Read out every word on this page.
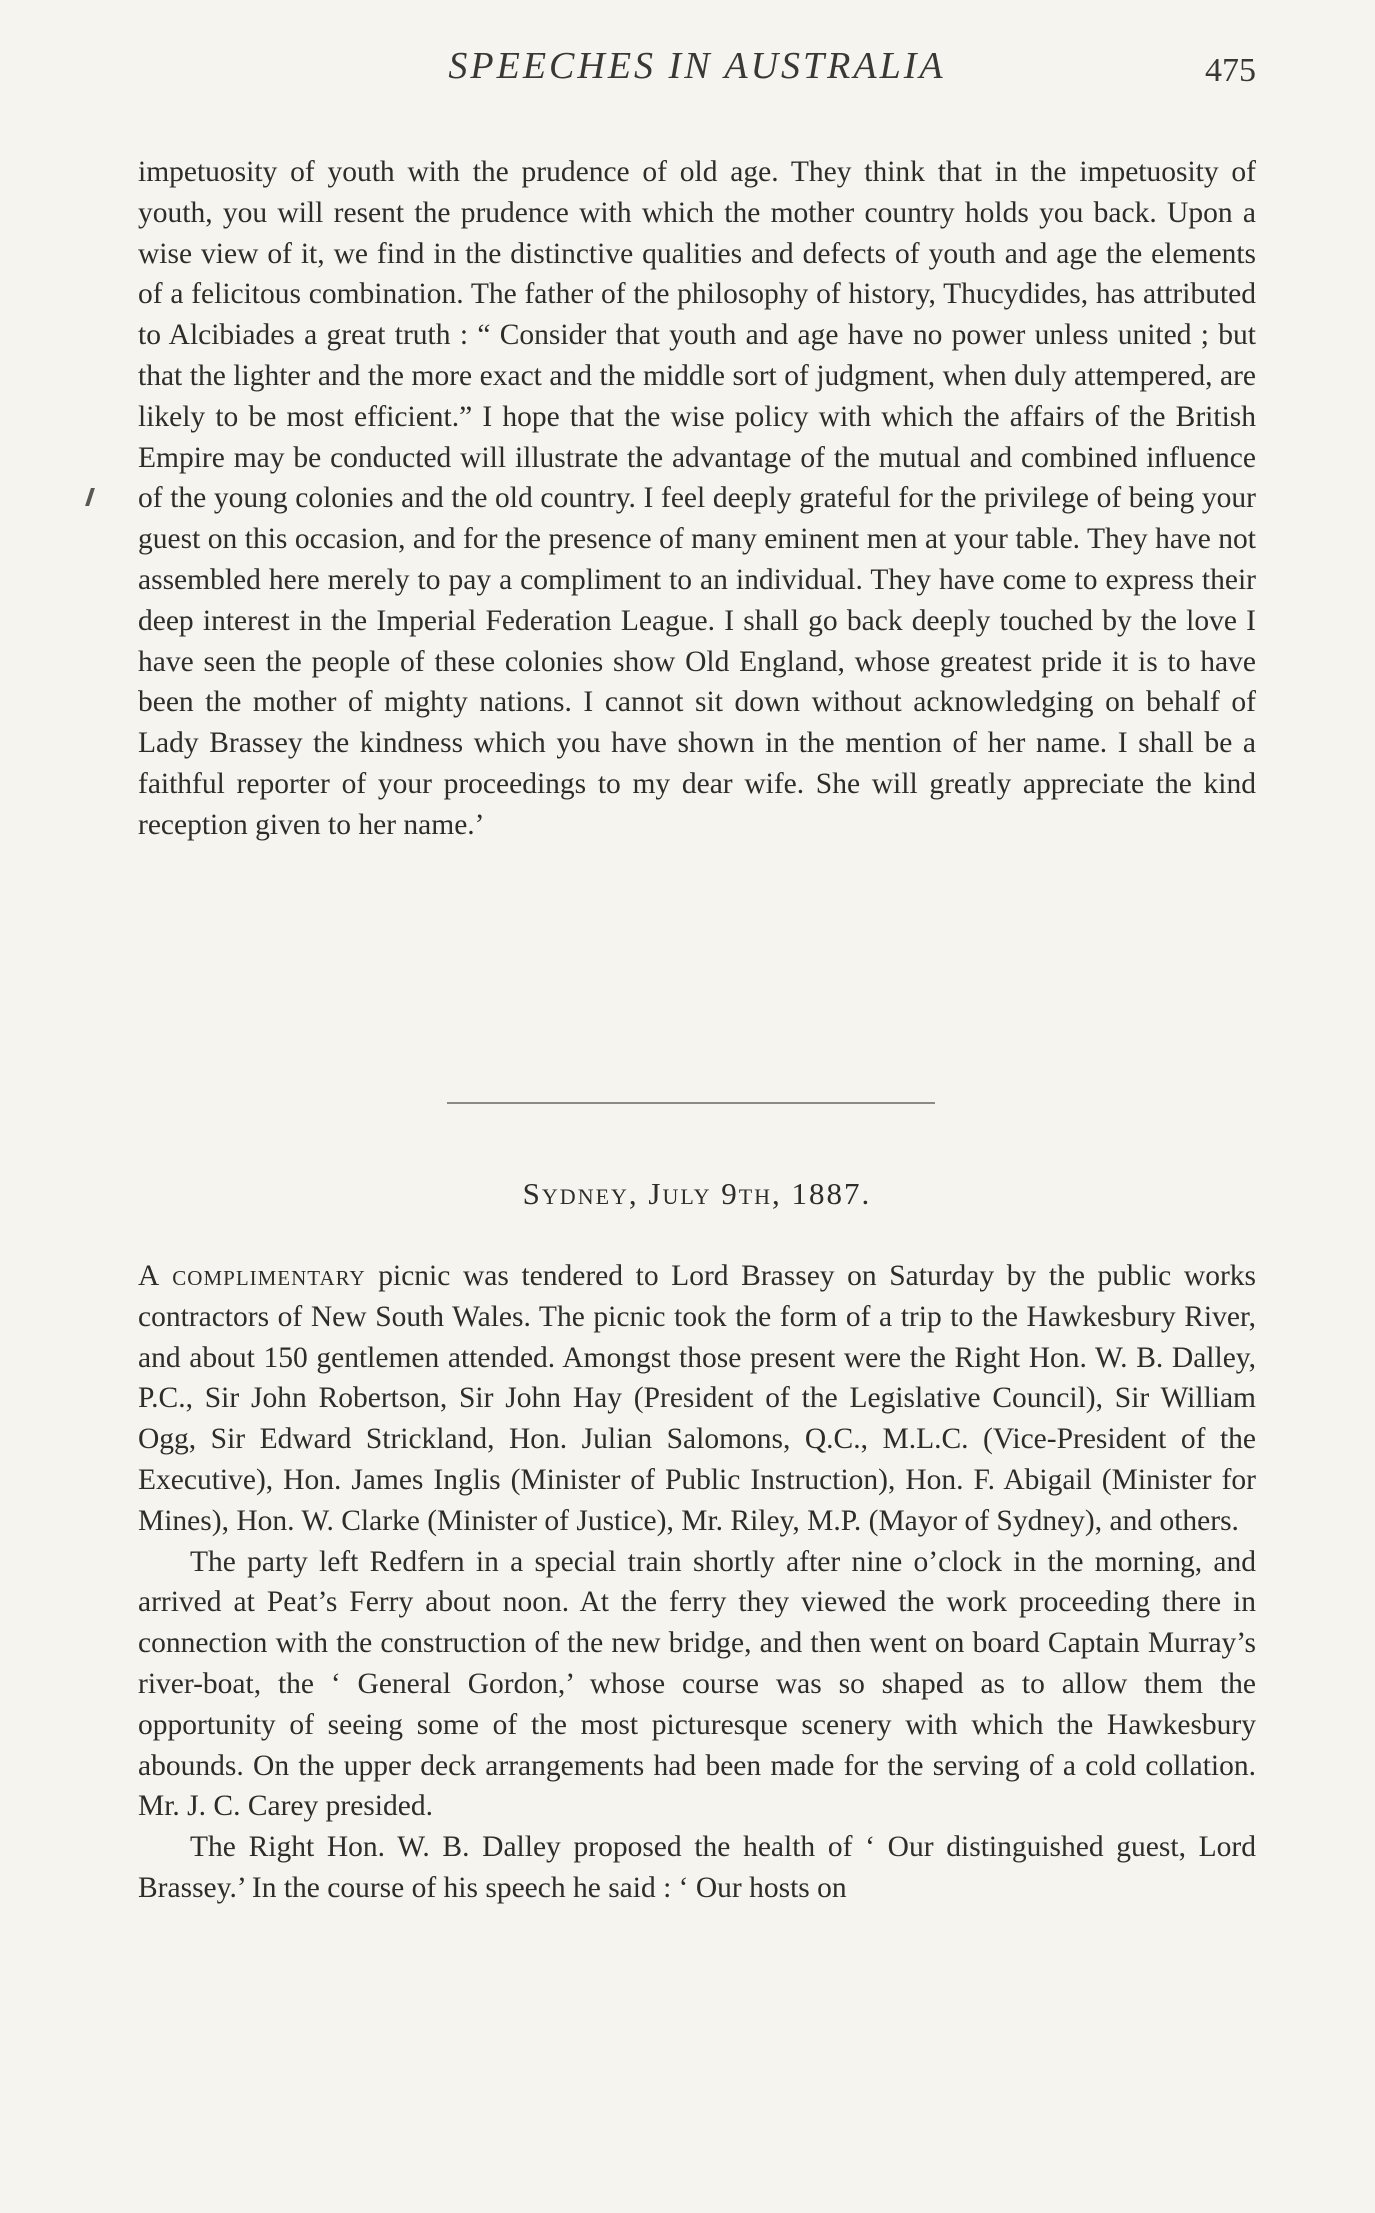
SPEECHES IN AUSTRALIA	475

impetuosity of youth with the prudence of old age. They think that in the impetuosity of youth, you will resent the prudence with which the mother country holds you back. Upon a wise view of it, we find in the distinctive qualities and defects of youth and age the elements of a felicitous combination. The father of the philosophy of history, Thucydides, has attributed to Alcibiades a great truth : “ Consider that youth and age have no power unless united ; but that the lighter and the more exact and the middle sort of judgment, when duly attempered, are likely to be most efficient.” I hope that the wise policy with which the affairs of the British Empire may be conducted will illustrate the advantage of the mutual and combined influence of the young colonies and the old country. I feel deeply grateful for the privilege of being your guest on this occasion, and for the presence of many eminent men at your table. They have not assembled here merely to pay a compliment to an individual. They have come to express their deep interest in the Imperial Federation League. I shall go back deeply touched by the love I have seen the people of these colonies show Old England, whose greatest pride it is to have been the mother of mighty nations. I cannot sit down without acknowledging on behalf of Lady Brassey the kindness which you have shown in the mention of her name. I shall be a faithful reporter of your proceedings to my dear wife. She will greatly appreciate the kind reception given to her name.’

Sydney, July 9th, 1887.

A complimentary picnic was tendered to Lord Brassey on Saturday by the public works contractors of New South Wales. The picnic took the form of a trip to the Hawkesbury River, and about 150 gentlemen attended. Amongst those present were the Right Hon. W. B. Dalley, P.C., Sir John Robertson, Sir John Hay (President of the Legislative Council), Sir William Ogg, Sir Edward Strickland, Hon. Julian Salomons, Q.C., M.L.C. (Vice-President of the Executive), Hon. James Inglis (Minister of Public Instruction), Hon. F. Abigail (Minister for Mines), Hon. W. Clarke (Minister of Justice), Mr. Riley, M.P. (Mayor of Sydney), and others.

The party left Redfern in a special train shortly after nine o’clock in the morning, and arrived at Peat’s Ferry about noon. At the ferry they viewed the work proceeding there in connection with the construction of the new bridge, and then went on board Captain Murray’s river-boat, the ‘ General Gordon,’ whose course was so shaped as to allow them the opportunity of seeing some of the most picturesque scenery with which the Hawkesbury abounds. On the upper deck arrangements had been made for the serving of a cold collation. Mr. J. C. Carey presided.

The Right Hon. W. B. Dalley proposed the health of ‘ Our distinguished guest, Lord Brassey.’ In the course of his speech he said : ‘ Our hosts on
